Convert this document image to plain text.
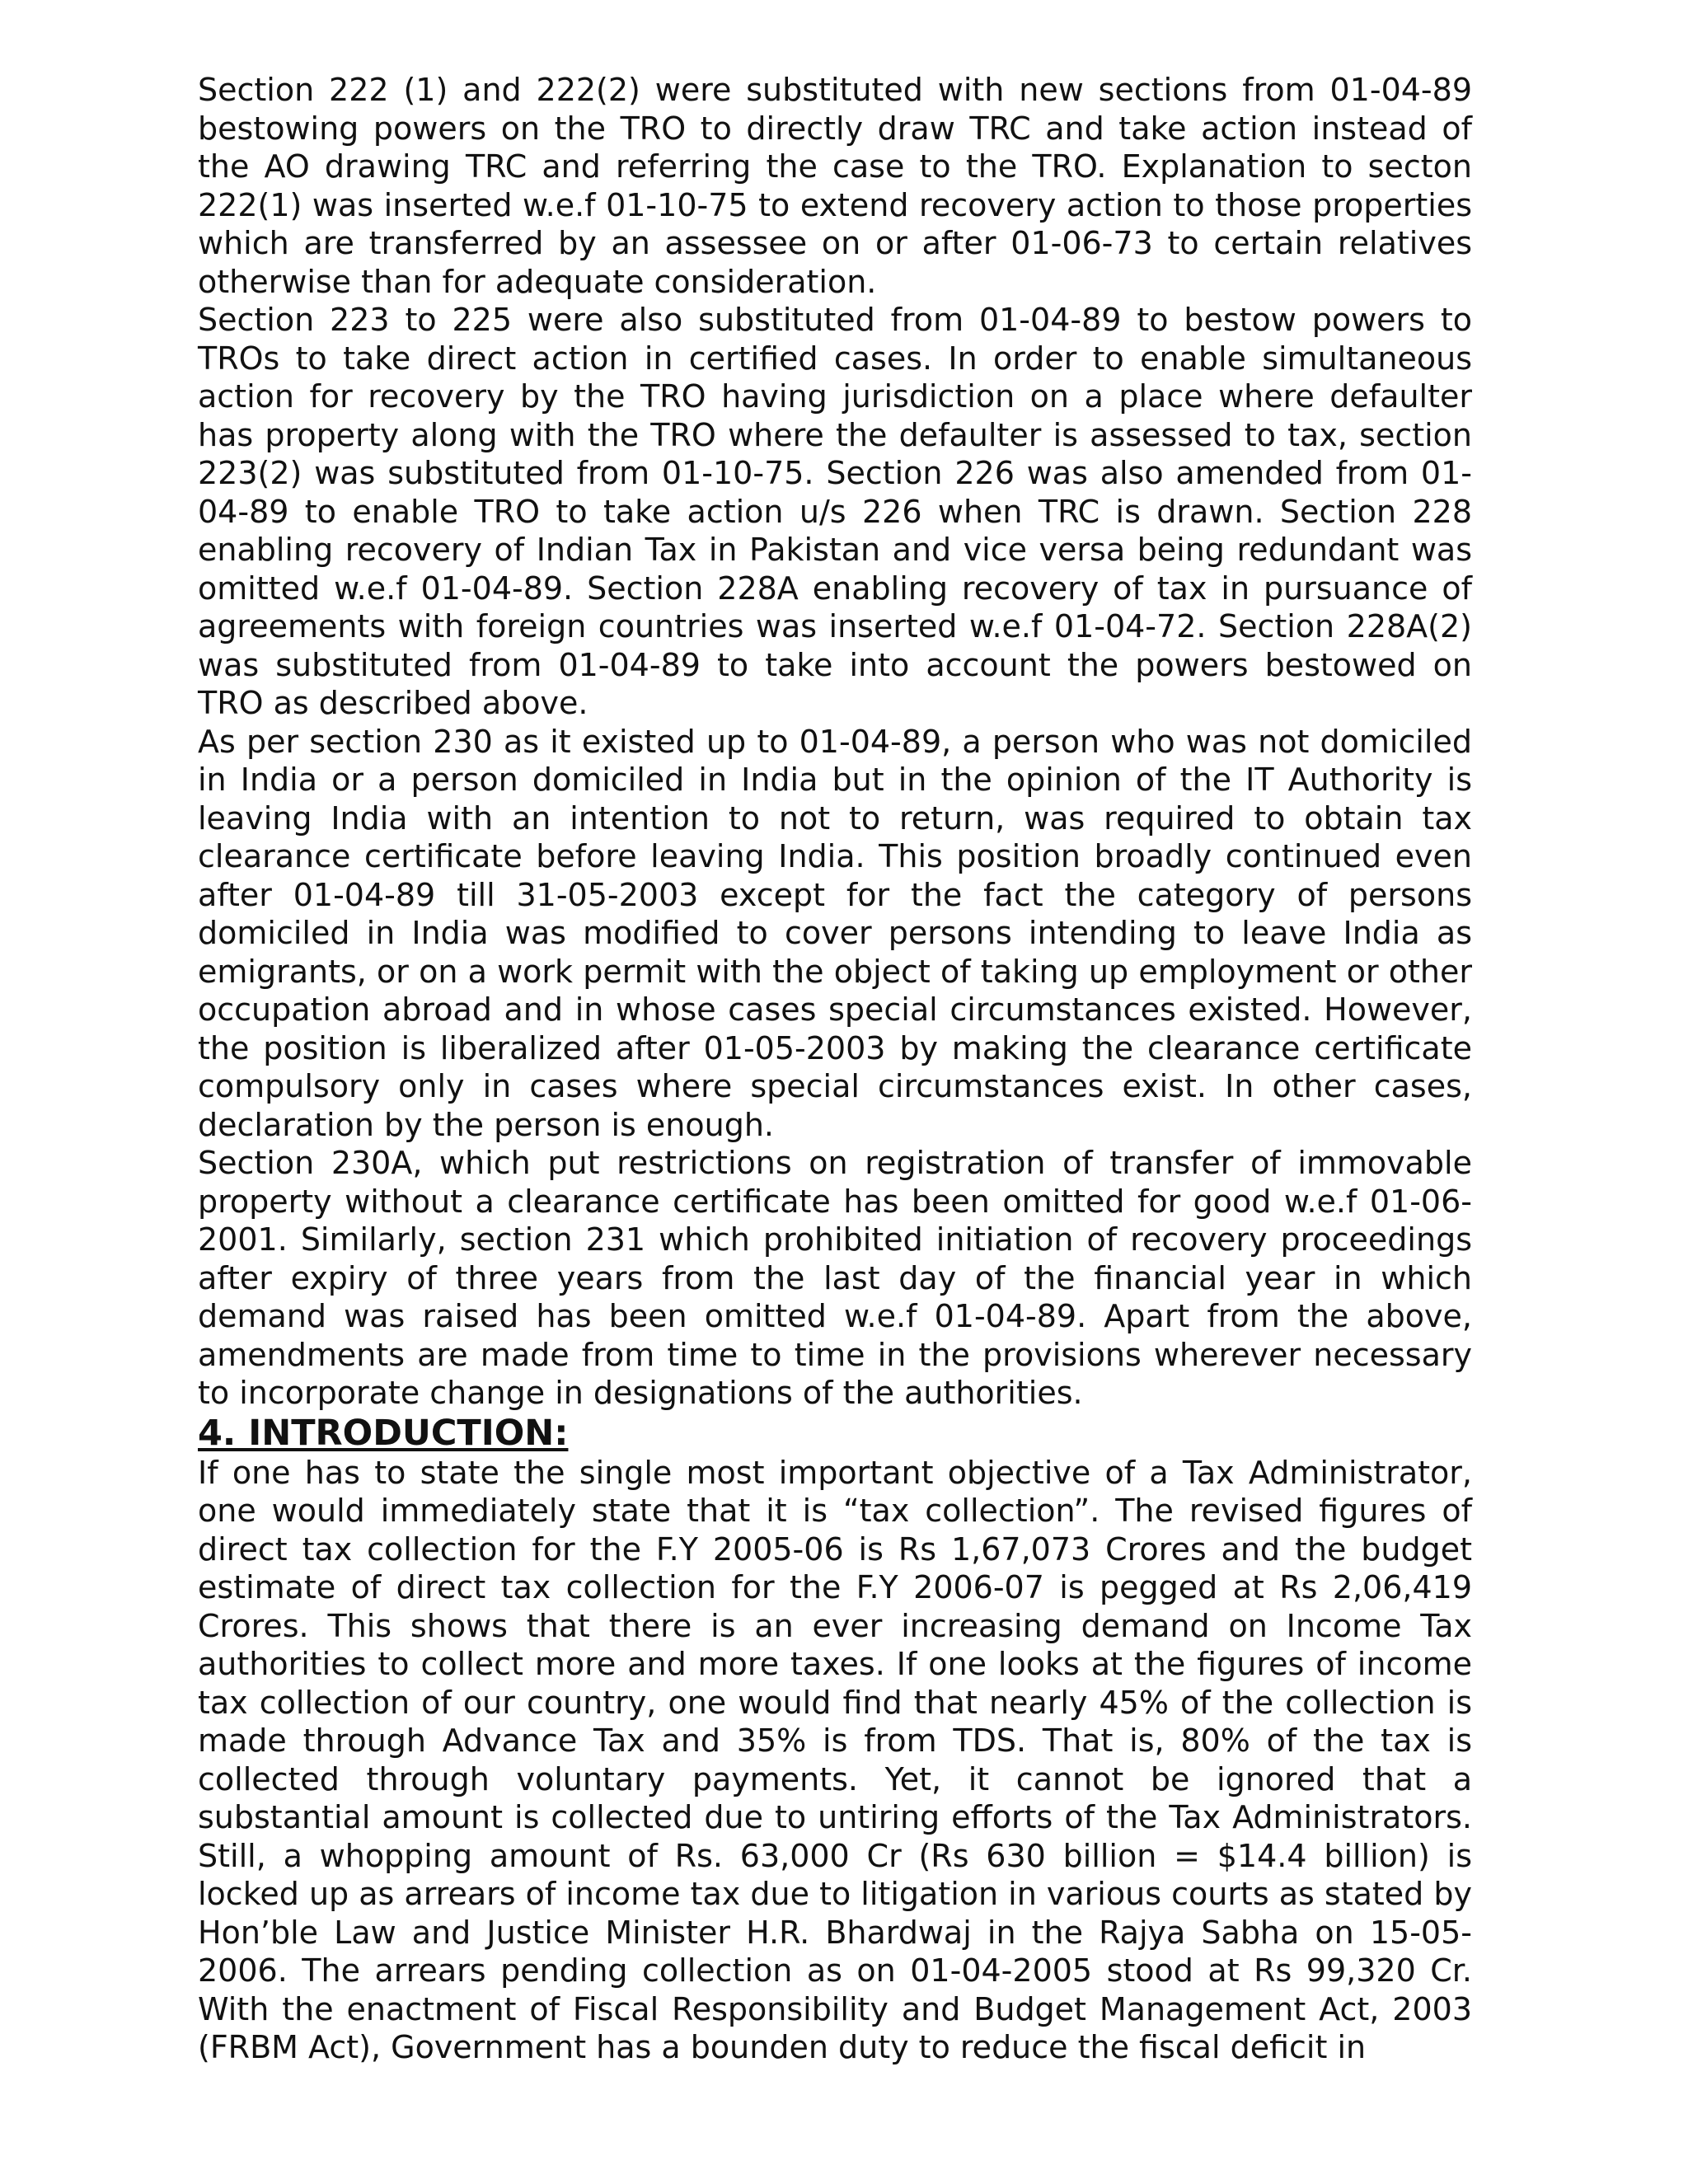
Section 222 (1) and 222(2) were substituted with new sections from 01-04-89 bestowing powers on the TRO to directly draw TRC and take action instead of the AO drawing TRC and referring the case to the TRO. Explanation to secton 222(1) was inserted w.e.f 01-10-75 to extend recovery action to those properties which are transferred by an assessee on or after 01-06-73 to certain relatives otherwise than for adequate consideration.

Section 223 to 225 were also substituted from 01-04-89 to bestow powers to TROs to take direct action in certified cases. In order to enable simultaneous action for recovery by the TRO having jurisdiction on a place where defaulter has property along with the TRO where the defaulter is assessed to tax, section 223(2) was substituted from 01-10-75. Section 226 was also amended from 01-04-89 to enable TRO to take action u/s 226 when TRC is drawn. Section 228 enabling recovery of Indian Tax in Pakistan and vice versa being redundant was omitted w.e.f 01-04-89. Section 228A enabling recovery of tax in pursuance of agreements with foreign countries was inserted w.e.f 01-04-72. Section 228A(2) was substituted from 01-04-89 to take into account the powers bestowed on TRO as described above.

As per section 230 as it existed up to 01-04-89, a person who was not domiciled in India or a person domiciled in India but in the opinion of the IT Authority is leaving India with an intention to not to return, was required to obtain tax clearance certificate before leaving India. This position broadly continued even after 01-04-89 till 31-05-2003 except for the fact the category of persons domiciled in India was modified to cover persons intending to leave India as emigrants, or on a work permit with the object of taking up employment or other occupation abroad and in whose cases special circumstances existed. However, the position is liberalized after 01-05-2003 by making the clearance certificate compulsory only in cases where special circumstances exist. In other cases, declaration by the person is enough.

Section 230A, which put restrictions on registration of transfer of immovable property without a clearance certificate has been omitted for good w.e.f 01-06-2001. Similarly, section 231 which prohibited initiation of recovery proceedings after expiry of three years from the last day of the financial year in which demand was raised has been omitted w.e.f 01-04-89. Apart from the above, amendments are made from time to time in the provisions wherever necessary to incorporate change in designations of the authorities.

4. INTRODUCTION:

If one has to state the single most important objective of a Tax Administrator, one would immediately state that it is “tax collection”. The revised figures of direct tax collection for the F.Y 2005-06 is Rs 1,67,073 Crores and the budget estimate of direct tax collection for the F.Y 2006-07 is pegged at Rs 2,06,419 Crores. This shows that there is an ever increasing demand on Income Tax authorities to collect more and more taxes. If one looks at the figures of income tax collection of our country, one would find that nearly 45% of the collection is made through Advance Tax and 35% is from TDS. That is, 80% of the tax is collected through voluntary payments. Yet, it cannot be ignored that a substantial amount is collected due to untiring efforts of the Tax Administrators. Still, a whopping amount of Rs. 63,000 Cr (Rs 630 billion = $14.4 billion) is locked up as arrears of income tax due to litigation in various courts as stated by Hon’ble Law and Justice Minister H.R. Bhardwaj in the Rajya Sabha on 15-05-2006. The arrears pending collection as on 01-04-2005 stood at Rs 99,320 Cr. With the enactment of Fiscal Responsibility and Budget Management Act, 2003 (FRBM Act), Government has a bounden duty to reduce the fiscal deficit in
